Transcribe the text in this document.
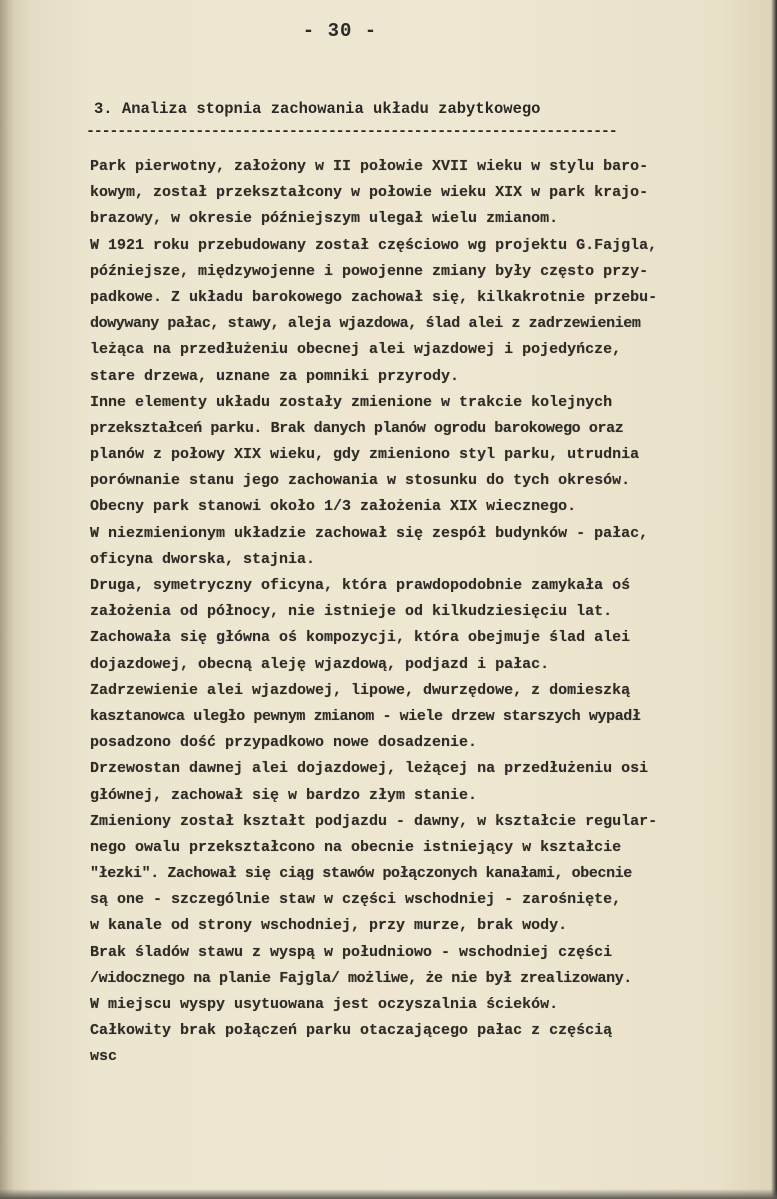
- 30 -
3. Analiza stopnia zachowania układu zabytkowego
--------------------------------------------------------------------
Park pierwotny, założony w II połowie XVII wieku w stylu baro-
kowym, został przekształcony w połowie wieku XIX w park krajo-
brazowy, w okresie późniejszym ulegał wielu zmianom.
W 1921 roku przebudowany został częściowo wg projektu G.Fajgla,
późniejsze, międzywojenne i powojenne zmiany były często przy-
padkowe. Z układu barokowego zachował się, kilkakrotnie przebu-
dowywany pałac, stawy, aleja wjazdowa, ślad alei z zadrzewieniem
leżąca na przedłużeniu obecnej alei wjazdowej i pojedyńcze,
stare drzewa, uznane za pomniki przyrody.
Inne elementy układu zostały zmienione w trakcie kolejnych
przekształceń parku. Brak danych planów ogrodu barokowego oraz
planów z połowy XIX wieku, gdy zmieniono styl parku, utrudnia
porównanie stanu jego zachowania w stosunku do tych okresów.
Obecny park stanowi około 1/3 założenia XIX wiecznego.
W niezmienionym układzie zachował się zespół budynków - pałac,
oficyna dworska, stajnia.
Druga, symetryczny oficyna, która prawdopodobnie zamykała oś
założenia od północy, nie istnieje od kilkudziesięciu lat.
Zachowała się główna oś kompozycji, która obejmuje ślad alei
dojazdowej, obecną aleję wjazdową, podjazd i pałac.
Zadrzewienie alei wjazdowej, lipowe, dwurzędowe, z domieszką
kasztanowca uległo pewnym zmianom - wiele drzew starszych wypadł
posadzono dość przypadkowo nowe dosadzenie.
Drzewostan dawnej alei dojazdowej, leżącej na przedłużeniu osi
głównej, zachował się w bardzo złym stanie.
Zmieniony został kształt podjazdu - dawny, w kształcie regular-
nego owalu przekształcono na obecnie istniejący w kształcie
"łezki". Zachował się ciąg stawów połączonych kanałami, obecnie
są one - szczególnie staw w części wschodniej - zarośnięte,
w kanale od strony wschodniej, przy murze, brak wody.
Brak śladów stawu z wyspą w południowo - wschodniej części
/widocznego na planie Fajgla/ możliwe, że nie był zrealizowany.
W miejscu wyspy usytuowana jest oczyszalnia ścieków.
Całkowity brak połączeń parku otaczającego pałac z częścią
wsc
